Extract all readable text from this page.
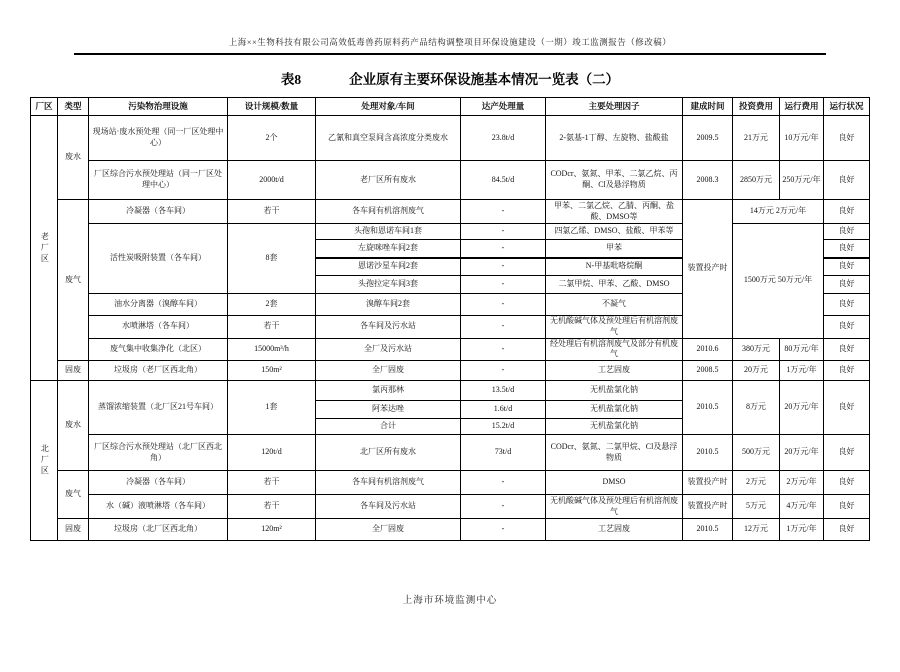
上海××生物科技有限公司高效低毒兽药原料药产品结构调整项目环保设施建设（一期）竣工监测报告（修改稿）
表8	企业原有主要环保设施基本情况一览表（二）
厂区	类型	污染物治理设施	设计规模/数量	处理对象/车间	达产处理量	主要处理因子	建成时间	投资费用	运行费用	运行状况
老厂区	废水	现场站·废水预处理（同一厂区处理中心）	2个	乙氰和真空泵间含高浓度分类废水	23.8t/d	2-氨基-1丁醇、左旋物、盐酸盐	2009.5	21万元	10万元/年	良好
		厂区综合污水预处理站（同一厂区处理中心）	2000t/d	老厂区所有废水	84.5t/d	CODcr、氨氮、甲苯、二氯乙烷、丙酮、Cl及悬浮物质	2008.3	2850万元	250万元/年	良好
	废气	冷凝器（各车间）	若干	各车间有机溶剂废气	-	甲苯、二氯乙烷、乙腈、丙酮、盐酸、DMSO等	装置投产时	14万元 2万元/年		良好
		活性炭吸附装置（各车间）	8套	头孢和恩诺车间1套	-	四氯乙烯、DMSO、盐酸、甲苯等		1500万元 50万元/年		良好
				左旋咪唑车间2套	-	甲苯				良好
				恩诺沙星车间2套	-	N-甲基吡咯烷酮				良好
				头孢拉定车间3套	-	二氯甲烷、甲苯、乙酸、DMSO				良好
		油水分离器（溴醇车间）	2套	溴醇车间2套	-	不凝气				良好
		水喷淋塔（各车间）	若干	各车间及污水站	-	无机酸碱气体及预处理后有机溶剂废气				良好
		废气集中收集净化（北区）	15000m³/h	全厂及污水站	-	经处理后有机溶剂废气及部分有机废气	2010.6	380万元	80万元/年	良好
	固废	垃圾房（老厂区西北角）	150m²	全厂固废	-	工艺固废	2008.5	20万元	1万元/年	良好
北厂区	废水	蒸馏浓缩装置（北厂区21号车间）	1套	氯丙那林	13.5t/d	无机盐氯化钠	2010.5	8万元	20万元/年	良好
				阿苯达唑	1.6t/d	无机盐氯化钠				
				合计	15.2t/d	无机盐氯化钠				
		厂区综合污水预处理站（北厂区西北角）	120t/d	北厂区所有废水	73t/d	CODcr、氨氮、二氯甲烷、Cl及悬浮物质	2010.5	500万元	20万元/年	良好
	废气	冷凝器（各车间）	若干	各车间有机溶剂废气	-	DMSO	装置投产时	2万元	2万元/年	良好
		水（碱）液喷淋塔（各车间）	若干	各车间及污水站	-	无机酸碱气体及预处理后有机溶剂废气	装置投产时	5万元	4万元/年	良好
	固废	垃圾房（北厂区西北角）	120m²	全厂固废	-	工艺固废	2010.5	12万元	1万元/年	良好
上海市环境监测中心
